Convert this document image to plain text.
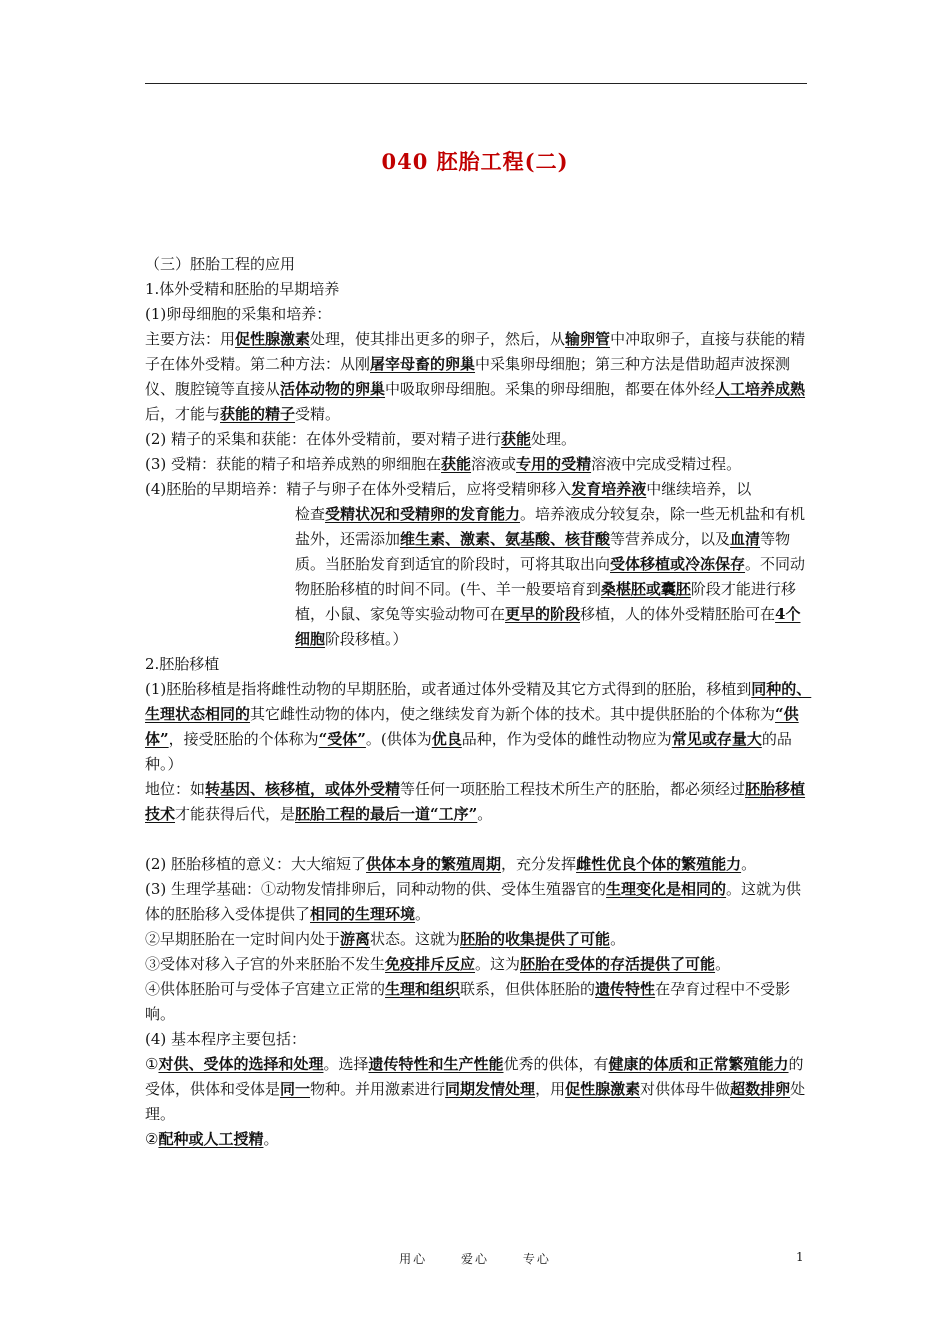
040 胚胎工程(二)

（三）胚胎工程的应用

1.体外受精和胚胎的早期培养

(1)卵母细胞的采集和培养：

主要方法：用促性腺激素处理，使其排出更多的卵子，然后，从输卵管中冲取卵子，直接与获能的精子在体外受精。第二种方法：从刚屠宰母畜的卵巢中采集卵母细胞；第三种方法是借助超声波探测仪、腹腔镜等直接从活体动物的卵巢中吸取卵母细胞。采集的卵母细胞，都要在体外经人工培养成熟后，才能与获能的精子受精。

(2) 精子的采集和获能：在体外受精前，要对精子进行获能处理。

(3) 受精：获能的精子和培养成熟的卵细胞在获能溶液或专用的受精溶液中完成受精过程。

(4)胚胎的早期培养：精子与卵子在体外受精后，应将受精卵移入发育培养液中继续培养，以

检查受精状况和受精卵的发育能力。培养液成分较复杂，除一些无机盐和有机盐外，还需添加维生素、激素、氨基酸、核苷酸等营养成分，以及血清等物质。当胚胎发育到适宜的阶段时，可将其取出向受体移植或冷冻保存。不同动物胚胎移植的时间不同。(牛、羊一般要培育到桑椹胚或囊胚阶段才能进行移植，小鼠、家兔等实验动物可在更早的阶段移植，人的体外受精胚胎可在4个细胞阶段移植。）

2.胚胎移植

(1)胚胎移植是指将雌性动物的早期胚胎，或者通过体外受精及其它方式得到的胚胎，移植到同种的、生理状态相同的其它雌性动物的体内，使之继续发育为新个体的技术。其中提供胚胎的个体称为“供体”，接受胚胎的个体称为“受体”。(供体为优良品种，作为受体的雌性动物应为常见或存量大的品种。）

地位：如转基因、核移植，或体外受精等任何一项胚胎工程技术所生产的胚胎，都必须经过胚胎移植技术才能获得后代，是胚胎工程的最后一道“工序”。

(2) 胚胎移植的意义：大大缩短了供体本身的繁殖周期，充分发挥雌性优良个体的繁殖能力。

(3) 生理学基础：①动物发情排卵后，同种动物的供、受体生殖器官的生理变化是相同的。这就为供体的胚胎移入受体提供了相同的生理环境。

②早期胚胎在一定时间内处于游离状态。这就为胚胎的收集提供了可能。

③受体对移入子宫的外来胚胎不发生免疫排斥反应。这为胚胎在受体的存活提供了可能。

④供体胚胎可与受体子宫建立正常的生理和组织联系，但供体胚胎的遗传特性在孕育过程中不受影响。

(4) 基本程序主要包括：

①对供、受体的选择和处理。选择遗传特性和生产性能优秀的供体，有健康的体质和正常繁殖能力的受体，供体和受体是同一物种。并用激素进行同期发情处理，用促性腺激素对供体母牛做超数排卵处理。

②配种或人工授精。

用心	爱心	专心	1
